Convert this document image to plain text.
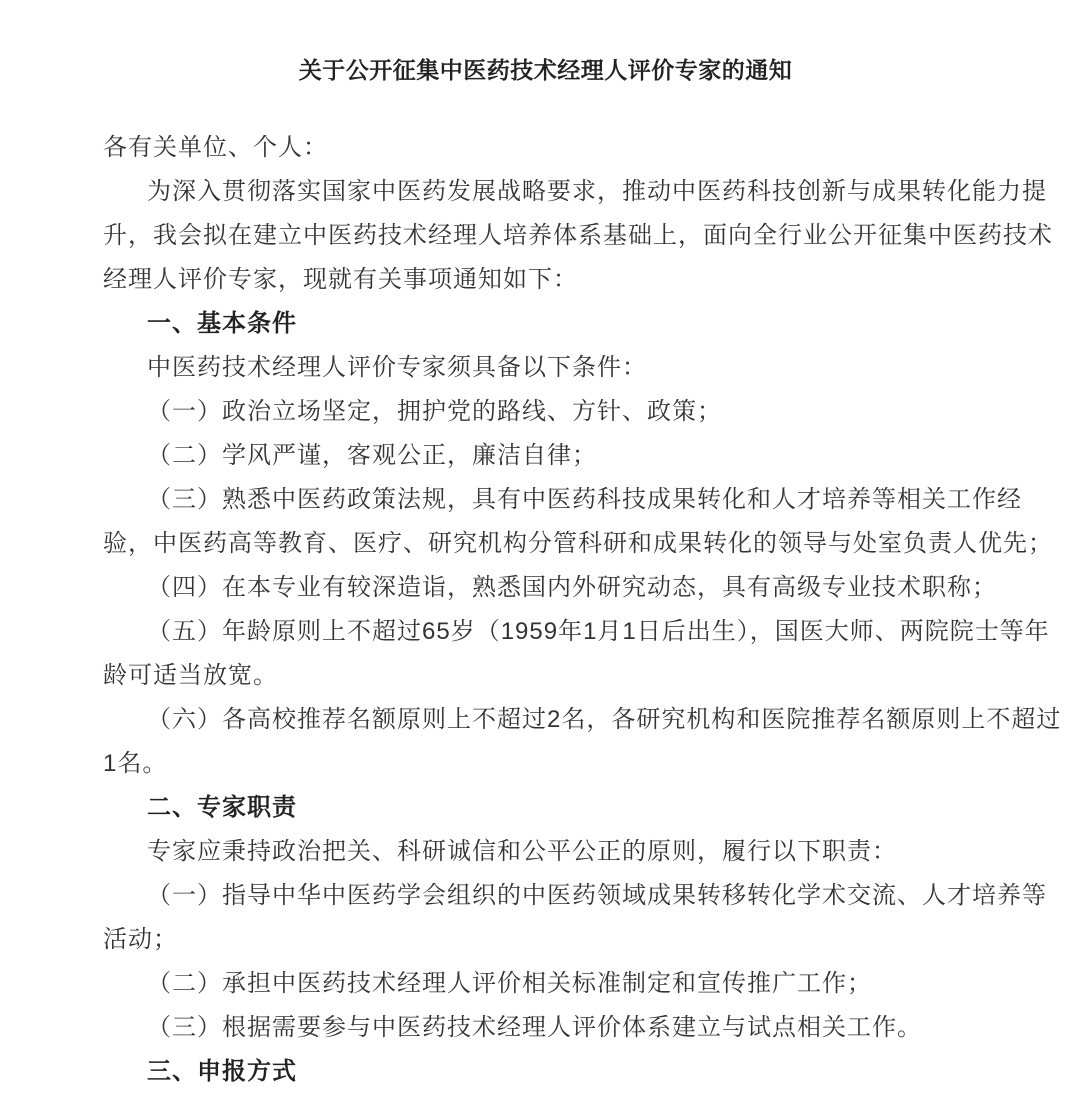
关于公开征集中医药技术经理人评价专家的通知

各有关单位、个人：

为深入贯彻落实国家中医药发展战略要求，推动中医药科技创新与成果转化能力提升，我会拟在建立中医药技术经理人培养体系基础上，面向全行业公开征集中医药技术经理人评价专家，现就有关事项通知如下：

一、基本条件

中医药技术经理人评价专家须具备以下条件：

（一）政治立场坚定，拥护党的路线、方针、政策；

（二）学风严谨，客观公正，廉洁自律；

（三）熟悉中医药政策法规，具有中医药科技成果转化和人才培养等相关工作经验，中医药高等教育、医疗、研究机构分管科研和成果转化的领导与处室负责人优先；

（四）在本专业有较深造诣，熟悉国内外研究动态，具有高级专业技术职称；

（五）年龄原则上不超过65岁（1959年1月1日后出生），国医大师、两院院士等年龄可适当放宽。

（六）各高校推荐名额原则上不超过2名，各研究机构和医院推荐名额原则上不超过1名。

二、专家职责

专家应秉持政治把关、科研诚信和公平公正的原则，履行以下职责：

（一）指导中华中医药学会组织的中医药领域成果转移转化学术交流、人才培养等活动；

（二）承担中医药技术经理人评价相关标准制定和宣传推广工作；

（三）根据需要参与中医药技术经理人评价体系建立与试点相关工作。

三、申报方式
